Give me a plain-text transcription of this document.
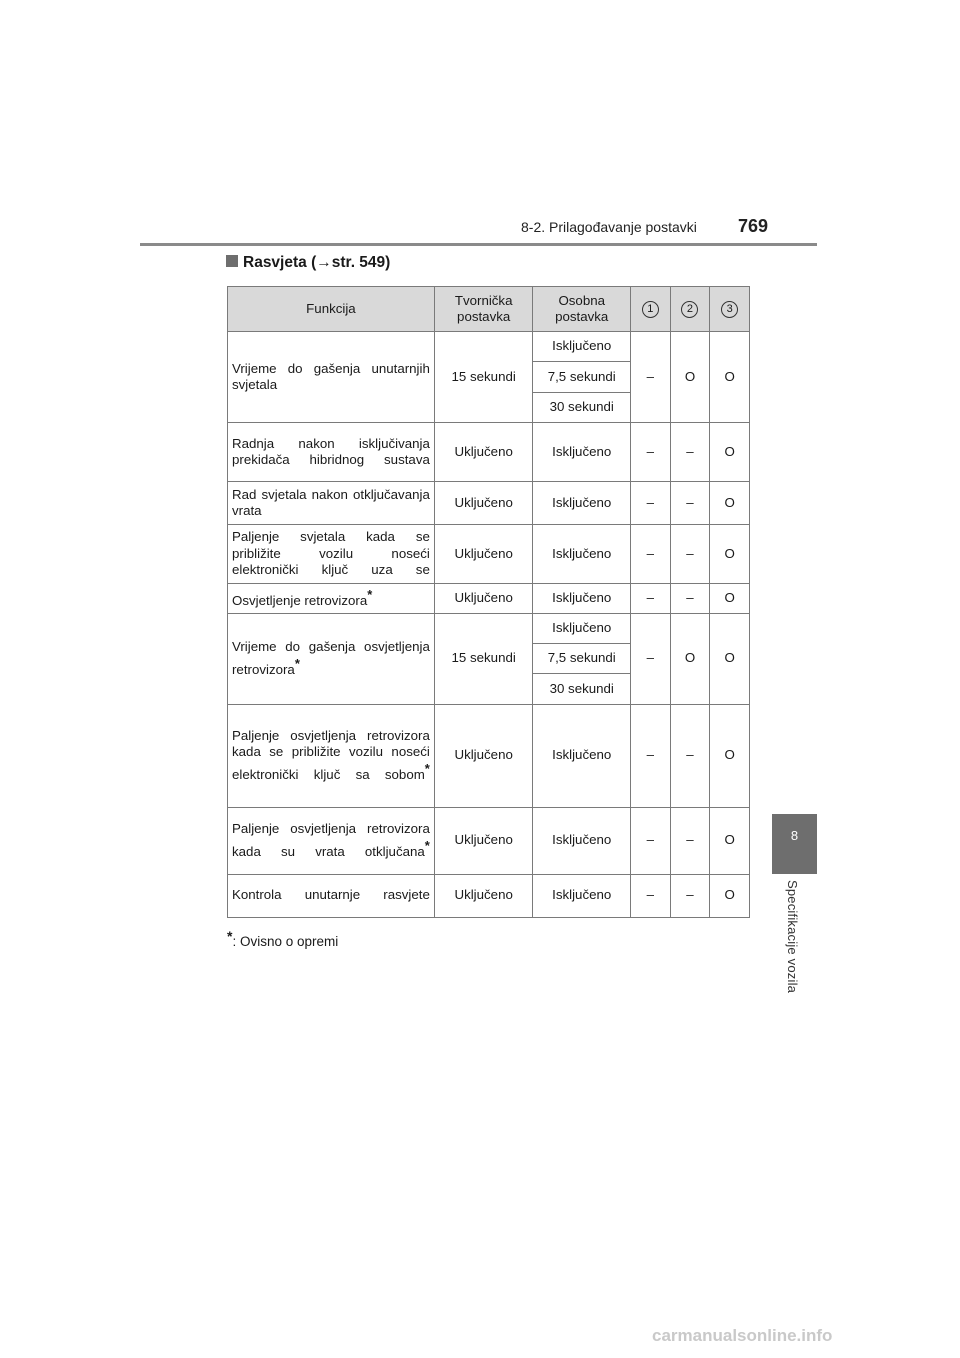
8-2. Prilagođavanje postavki 769
8
Specifikacije vozila
Rasvjeta (→str. 549)
Funkcija	Tvornička postavka	Osobna postavka	1	2	3
Vrijeme do gašenja unutarnjih svjetala	15 sekundi	Isključeno	–	O	O
		7,5 sekundi			
		30 sekundi			
Radnja nakon isključivanja prekidača hibridnog sustava	Uključeno	Isključeno	–	–	O
Rad svjetala nakon otključavanja vrata	Uključeno	Isključeno	–	–	O
Paljenje svjetala kada se približite vozilu noseći elektronički ključ uza se	Uključeno	Isključeno	–	–	O
Osvjetljenje retrovizora*	Uključeno	Isključeno	–	–	O
Vrijeme do gašenja osvjetljenja retrovizora*	15 sekundi	Isključeno	–	O	O
		7,5 sekundi			
		30 sekundi			
Paljenje osvjetljenja retrovizora kada se približite vozilu noseći elektronički ključ sa sobom*	Uključeno	Isključeno	–	–	O
Paljenje osvjetljenja retrovizora kada su vrata otključana*	Uključeno	Isključeno	–	–	O
Kontrola unutarnje rasvjete	Uključeno	Isključeno	–	–	O
*: Ovisno o opremi
carmanualsonline.info
